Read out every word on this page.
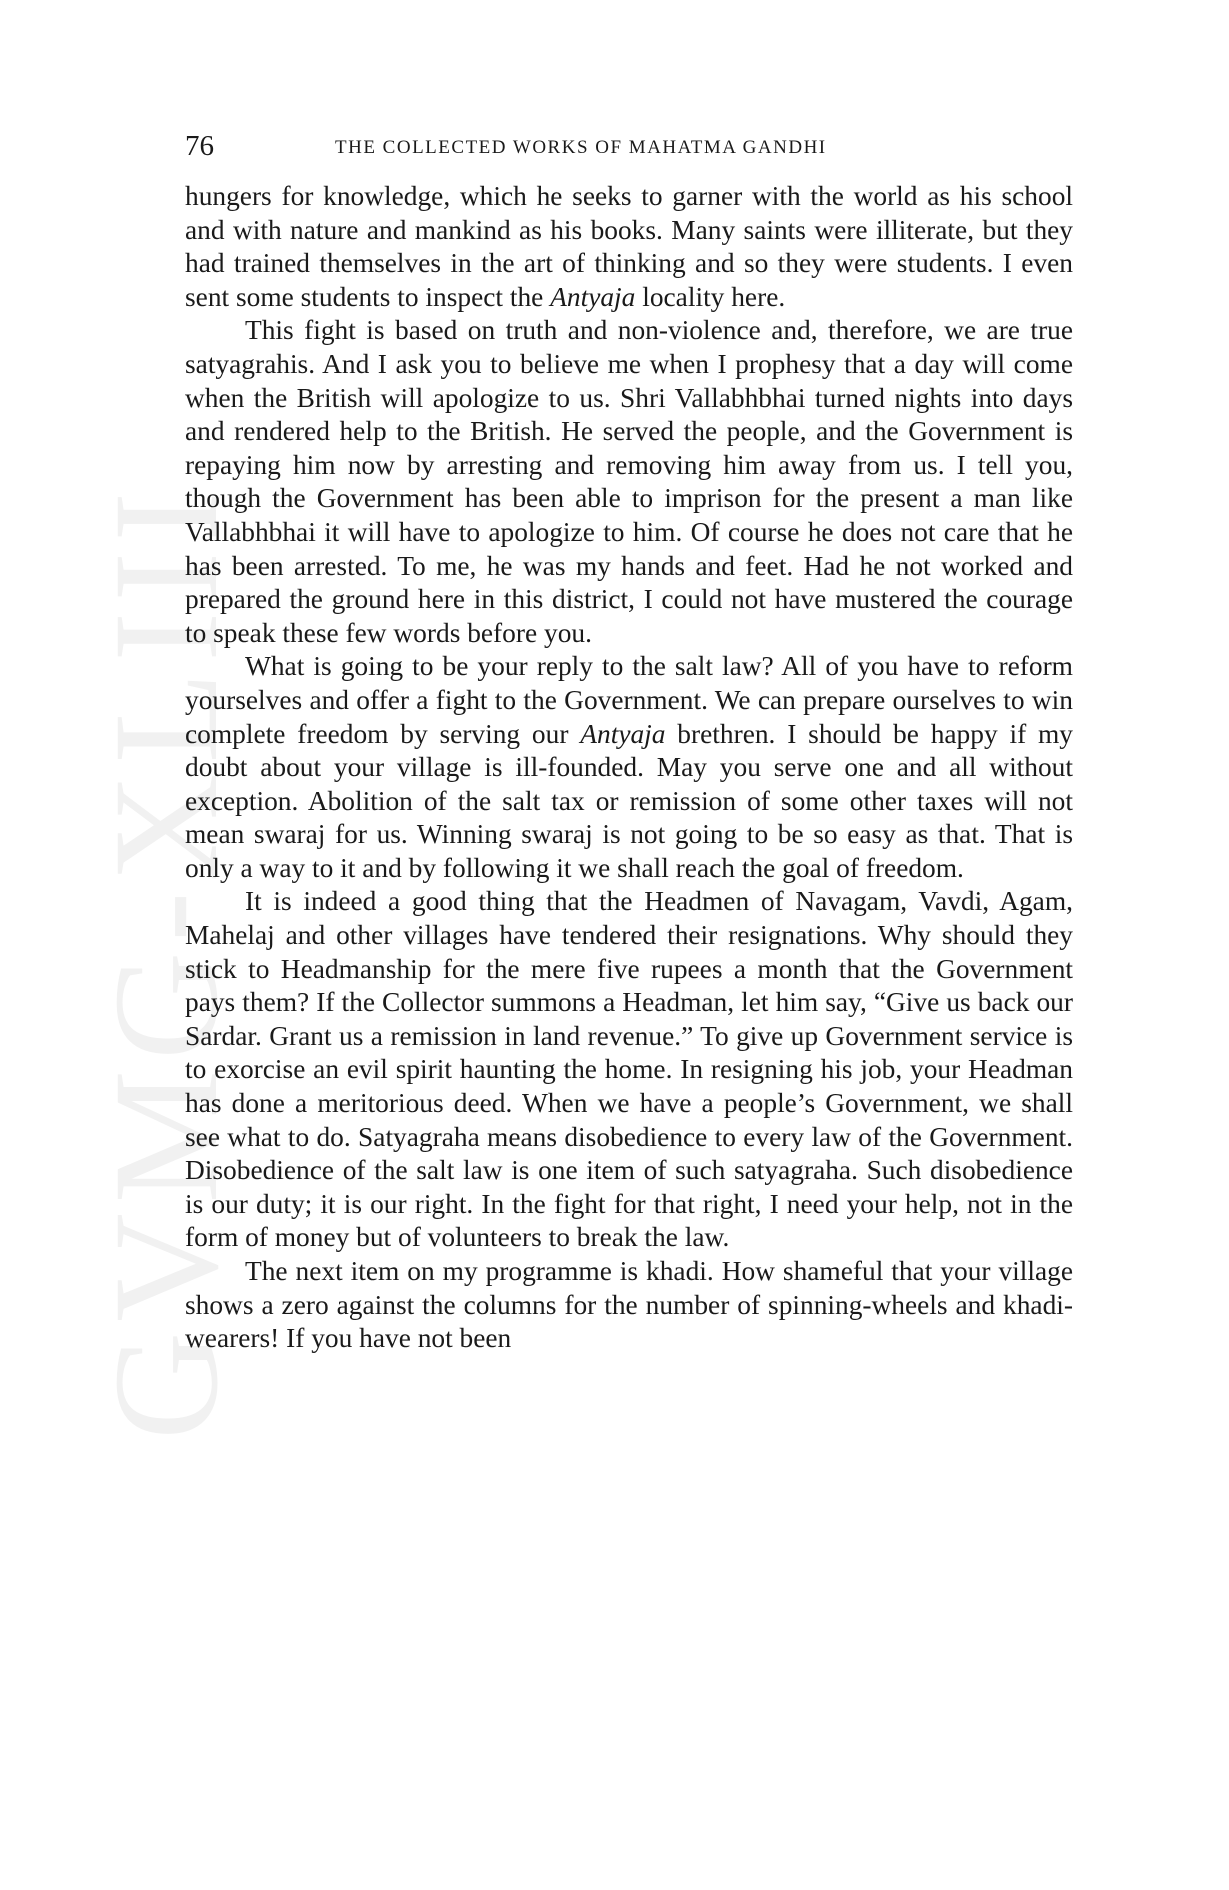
GVMG-XLIII
76	THE COLLECTED WORKS OF MAHATMA GANDHI

hungers for knowledge, which he seeks to garner with the world as his school and with nature and mankind as his books. Many saints were illiterate, but they had trained themselves in the art of thinking and so they were students. I even sent some students to inspect the Antyaja locality here.

This fight is based on truth and non-violence and, therefore, we are true satyagrahis. And I ask you to believe me when I prophesy that a day will come when the British will apologize to us. Shri Vallabhbhai turned nights into days and rendered help to the British. He served the people, and the Government is repaying him now by arresting and removing him away from us. I tell you, though the Government has been able to imprison for the present a man like Vallabhbhai it will have to apologize to him. Of course he does not care that he has been arrested. To me, he was my hands and feet. Had he not worked and prepared the ground here in this district, I could not have mustered the courage to speak these few words before you.

What is going to be your reply to the salt law? All of you have to reform yourselves and offer a fight to the Government. We can prepare ourselves to win complete freedom by serving our Antyaja brethren. I should be happy if my doubt about your village is ill-founded. May you serve one and all without exception. Abolition of the salt tax or remission of some other taxes will not mean swaraj for us. Winning swaraj is not going to be so easy as that. That is only a way to it and by following it we shall reach the goal of freedom.

It is indeed a good thing that the Headmen of Navagam, Vavdi, Agam, Mahelaj and other villages have tendered their resignations. Why should they stick to Headmanship for the mere five rupees a month that the Government pays them? If the Collector summons a Headman, let him say, “Give us back our Sardar. Grant us a remission in land revenue.” To give up Government service is to exorcise an evil spirit haunting the home. In resigning his job, your Headman has done a meritorious deed. When we have a people’s Government, we shall see what to do. Satyagraha means disobedience to every law of the Government. Disobedience of the salt law is one item of such satyagraha. Such disobedience is our duty; it is our right. In the fight for that right, I need your help, not in the form of money but of volunteers to break the law.

The next item on my programme is khadi. How shameful that your village shows a zero against the columns for the number of spinning-wheels and khadi-wearers! If you have not been
